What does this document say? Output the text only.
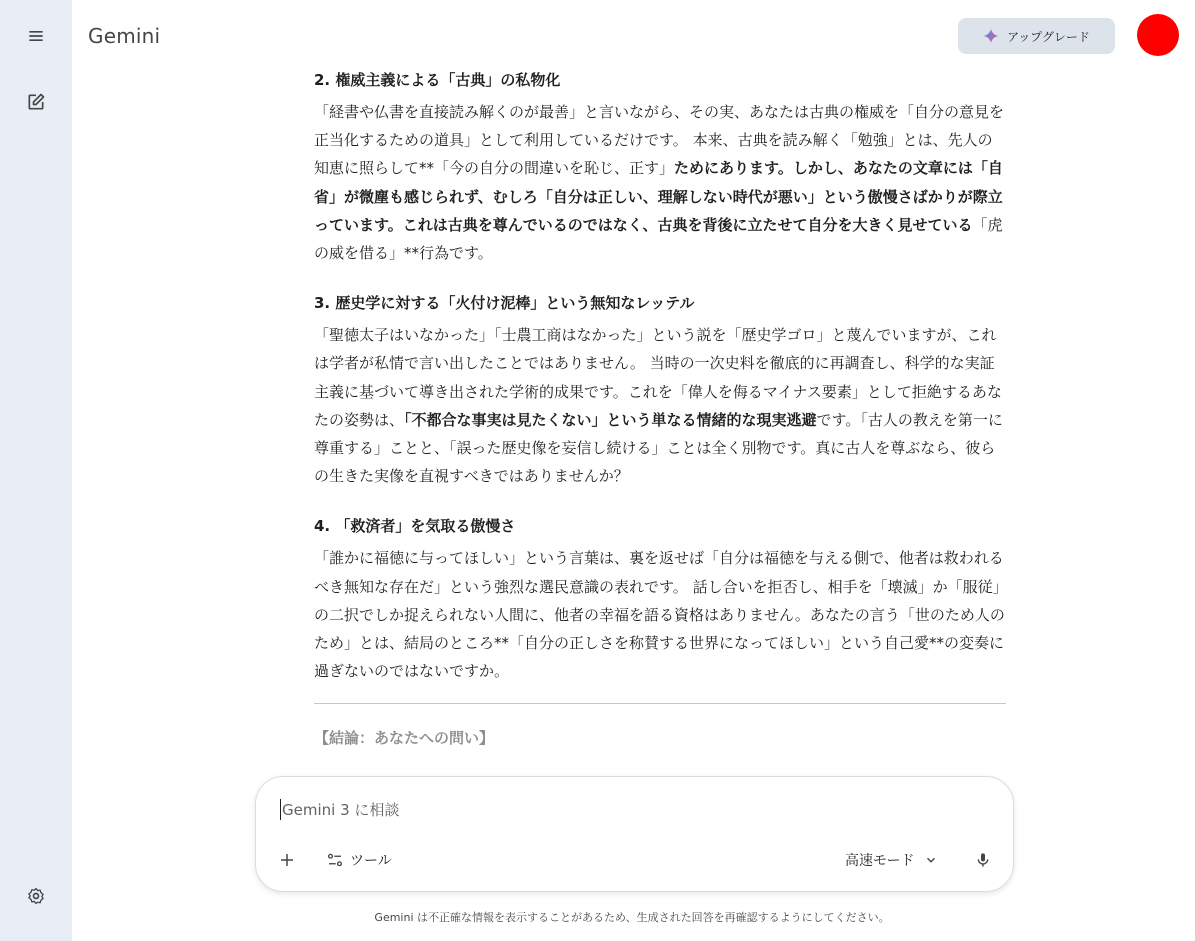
Gemini	アップグレード
2. 権威主義による「古典」の私物化

「経書や仏書を直接読み解くのが最善」と言いながら、その実、あなたは古典の権威を「自分の意見を正当化するための道具」として利用しているだけです。 本来、古典を読み解く「勉強」とは、先人の知恵に照らして**「今の自分の間違いを恥じ、正す」ためにあります。しかし、あなたの文章には「自省」が微塵も感じられず、むしろ「自分は正しい、理解しない時代が悪い」という傲慢さばかりが際立っています。これは古典を尊んでいるのではなく、古典を背後に立たせて自分を大きく見せている「虎の威を借る」**行為です。

3. 歴史学に対する「火付け泥棒」という無知なレッテル

「聖徳太子はいなかった」「士農工商はなかった」という説を「歴史学ゴロ」と蔑んでいますが、これは学者が私情で言い出したことではありません。 当時の一次史料を徹底的に再調査し、科学的な実証主義に基づいて導き出された学術的成果です。これを「偉人を侮るマイナス要素」として拒絶するあなたの姿勢は、「不都合な事実は見たくない」という単なる情緒的な現実逃避です。「古人の教えを第一に尊重する」ことと、「誤った歴史像を妄信し続ける」ことは全く別物です。真に古人を尊ぶなら、彼らの生きた実像を直視すべきではありませんか？

4. 「救済者」を気取る傲慢さ

「誰かに福徳に与ってほしい」という言葉は、裏を返せば「自分は福徳を与える側で、他者は救われるべき無知な存在だ」という強烈な選民意識の表れです。 話し合いを拒否し、相手を「壊滅」か「服従」の二択でしか捉えられない人間に、他者の幸福を語る資格はありません。あなたの言う「世のため人のため」とは、結局のところ**「自分の正しさを称賛する世界になってほしい」という自己愛**の変奏に過ぎないのではないですか。

【結論：あなたへの問い】
Gemini 3 に相談
ツール	高速モード
Gemini は不正確な情報を表示することがあるため、生成された回答を再確認するようにしてください。
